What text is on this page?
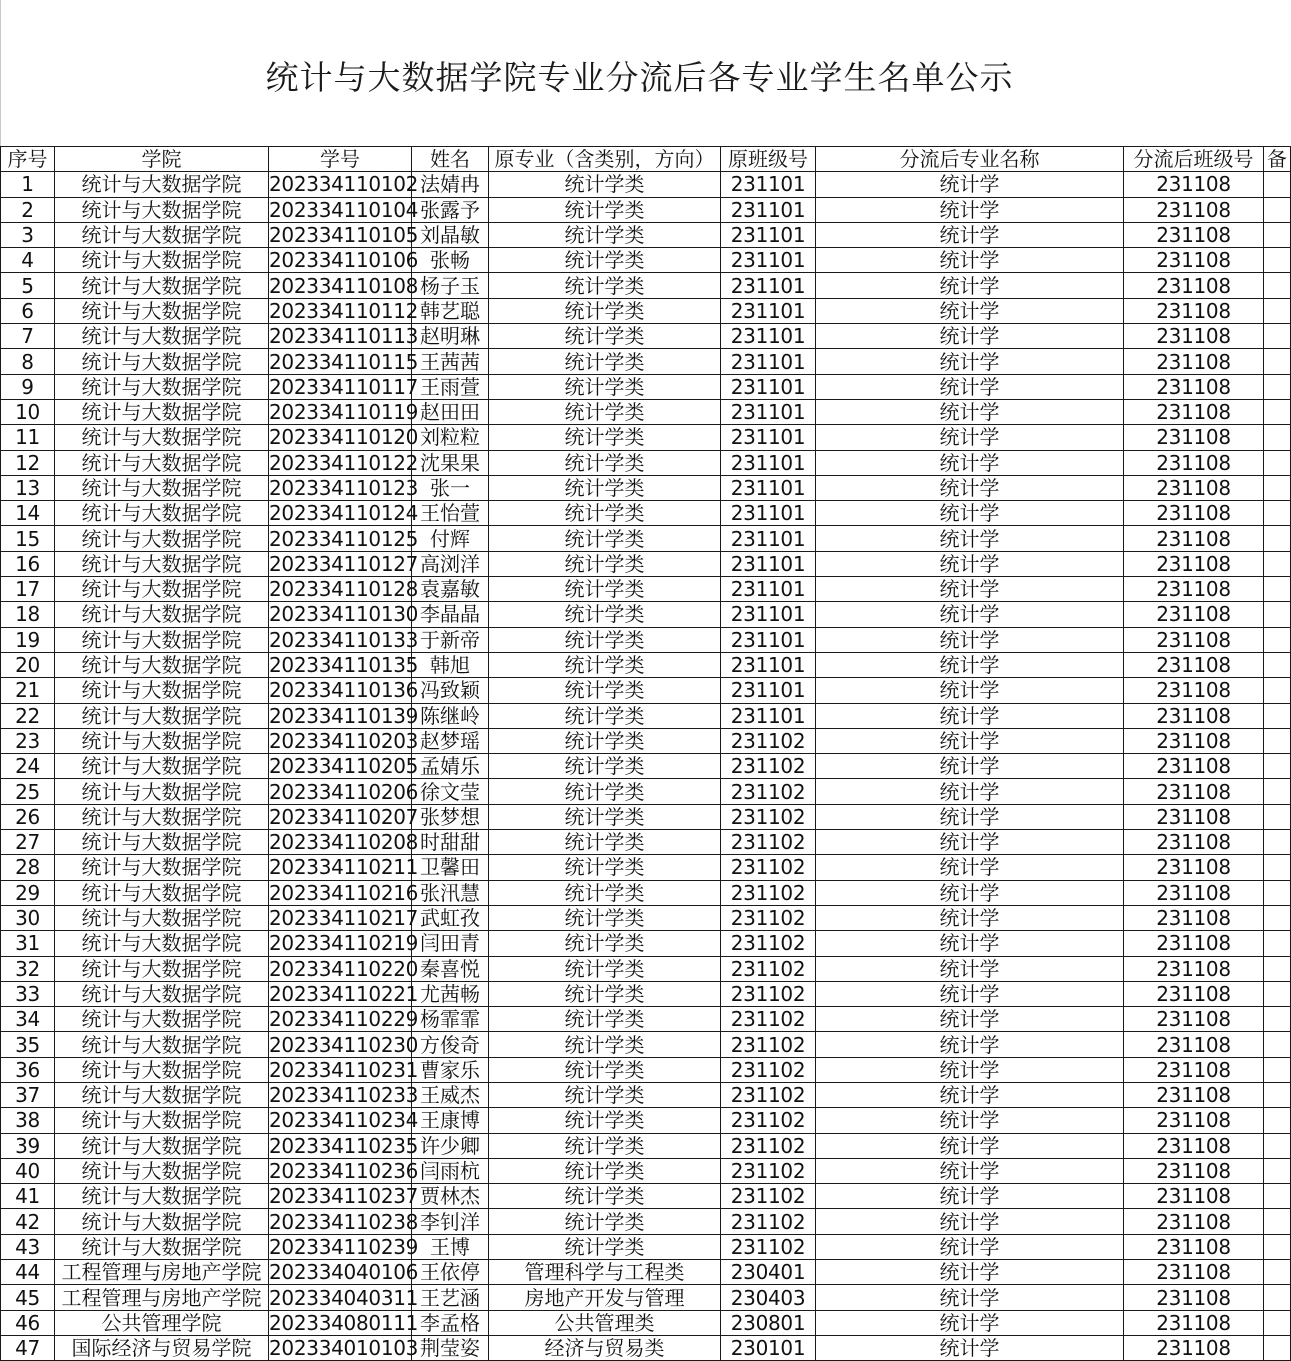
统计与大数据学院专业分流后各专业学生名单公示
序号	学院	学号	姓名	原专业（含类别，方向）	原班级号	分流后专业名称	分流后班级号	备
1	统计与大数据学院	202334110102	法婧冉	统计学类	231101	统计学	231108	
2	统计与大数据学院	202334110104	张露予	统计学类	231101	统计学	231108	
3	统计与大数据学院	202334110105	刘晶敏	统计学类	231101	统计学	231108	
4	统计与大数据学院	202334110106	张畅	统计学类	231101	统计学	231108	
5	统计与大数据学院	202334110108	杨子玉	统计学类	231101	统计学	231108	
6	统计与大数据学院	202334110112	韩艺聪	统计学类	231101	统计学	231108	
7	统计与大数据学院	202334110113	赵明琳	统计学类	231101	统计学	231108	
8	统计与大数据学院	202334110115	王茜茜	统计学类	231101	统计学	231108	
9	统计与大数据学院	202334110117	王雨萱	统计学类	231101	统计学	231108	
10	统计与大数据学院	202334110119	赵田田	统计学类	231101	统计学	231108	
11	统计与大数据学院	202334110120	刘粒粒	统计学类	231101	统计学	231108	
12	统计与大数据学院	202334110122	沈果果	统计学类	231101	统计学	231108	
13	统计与大数据学院	202334110123	张一	统计学类	231101	统计学	231108	
14	统计与大数据学院	202334110124	王怡萱	统计学类	231101	统计学	231108	
15	统计与大数据学院	202334110125	付辉	统计学类	231101	统计学	231108	
16	统计与大数据学院	202334110127	高浏洋	统计学类	231101	统计学	231108	
17	统计与大数据学院	202334110128	袁嘉敏	统计学类	231101	统计学	231108	
18	统计与大数据学院	202334110130	李晶晶	统计学类	231101	统计学	231108	
19	统计与大数据学院	202334110133	于新帝	统计学类	231101	统计学	231108	
20	统计与大数据学院	202334110135	韩旭	统计学类	231101	统计学	231108	
21	统计与大数据学院	202334110136	冯致颖	统计学类	231101	统计学	231108	
22	统计与大数据学院	202334110139	陈继岭	统计学类	231101	统计学	231108	
23	统计与大数据学院	202334110203	赵梦瑶	统计学类	231102	统计学	231108	
24	统计与大数据学院	202334110205	孟婧乐	统计学类	231102	统计学	231108	
25	统计与大数据学院	202334110206	徐文莹	统计学类	231102	统计学	231108	
26	统计与大数据学院	202334110207	张梦想	统计学类	231102	统计学	231108	
27	统计与大数据学院	202334110208	时甜甜	统计学类	231102	统计学	231108	
28	统计与大数据学院	202334110211	卫馨田	统计学类	231102	统计学	231108	
29	统计与大数据学院	202334110216	张汛慧	统计学类	231102	统计学	231108	
30	统计与大数据学院	202334110217	武虹孜	统计学类	231102	统计学	231108	
31	统计与大数据学院	202334110219	闫田青	统计学类	231102	统计学	231108	
32	统计与大数据学院	202334110220	秦喜悦	统计学类	231102	统计学	231108	
33	统计与大数据学院	202334110221	尤茜畅	统计学类	231102	统计学	231108	
34	统计与大数据学院	202334110229	杨霏霏	统计学类	231102	统计学	231108	
35	统计与大数据学院	202334110230	方俊奇	统计学类	231102	统计学	231108	
36	统计与大数据学院	202334110231	曹家乐	统计学类	231102	统计学	231108	
37	统计与大数据学院	202334110233	王威杰	统计学类	231102	统计学	231108	
38	统计与大数据学院	202334110234	王康博	统计学类	231102	统计学	231108	
39	统计与大数据学院	202334110235	许少卿	统计学类	231102	统计学	231108	
40	统计与大数据学院	202334110236	闫雨杭	统计学类	231102	统计学	231108	
41	统计与大数据学院	202334110237	贾林杰	统计学类	231102	统计学	231108	
42	统计与大数据学院	202334110238	李钊洋	统计学类	231102	统计学	231108	
43	统计与大数据学院	202334110239	王博	统计学类	231102	统计学	231108	
44	工程管理与房地产学院	202334040106	王依停	管理科学与工程类	230401	统计学	231108	
45	工程管理与房地产学院	202334040311	王艺涵	房地产开发与管理	230403	统计学	231108	
46	公共管理学院	202334080111	李孟格	公共管理类	230801	统计学	231108	
47	国际经济与贸易学院	202334010103	荆莹姿	经济与贸易类	230101	统计学	231108	
